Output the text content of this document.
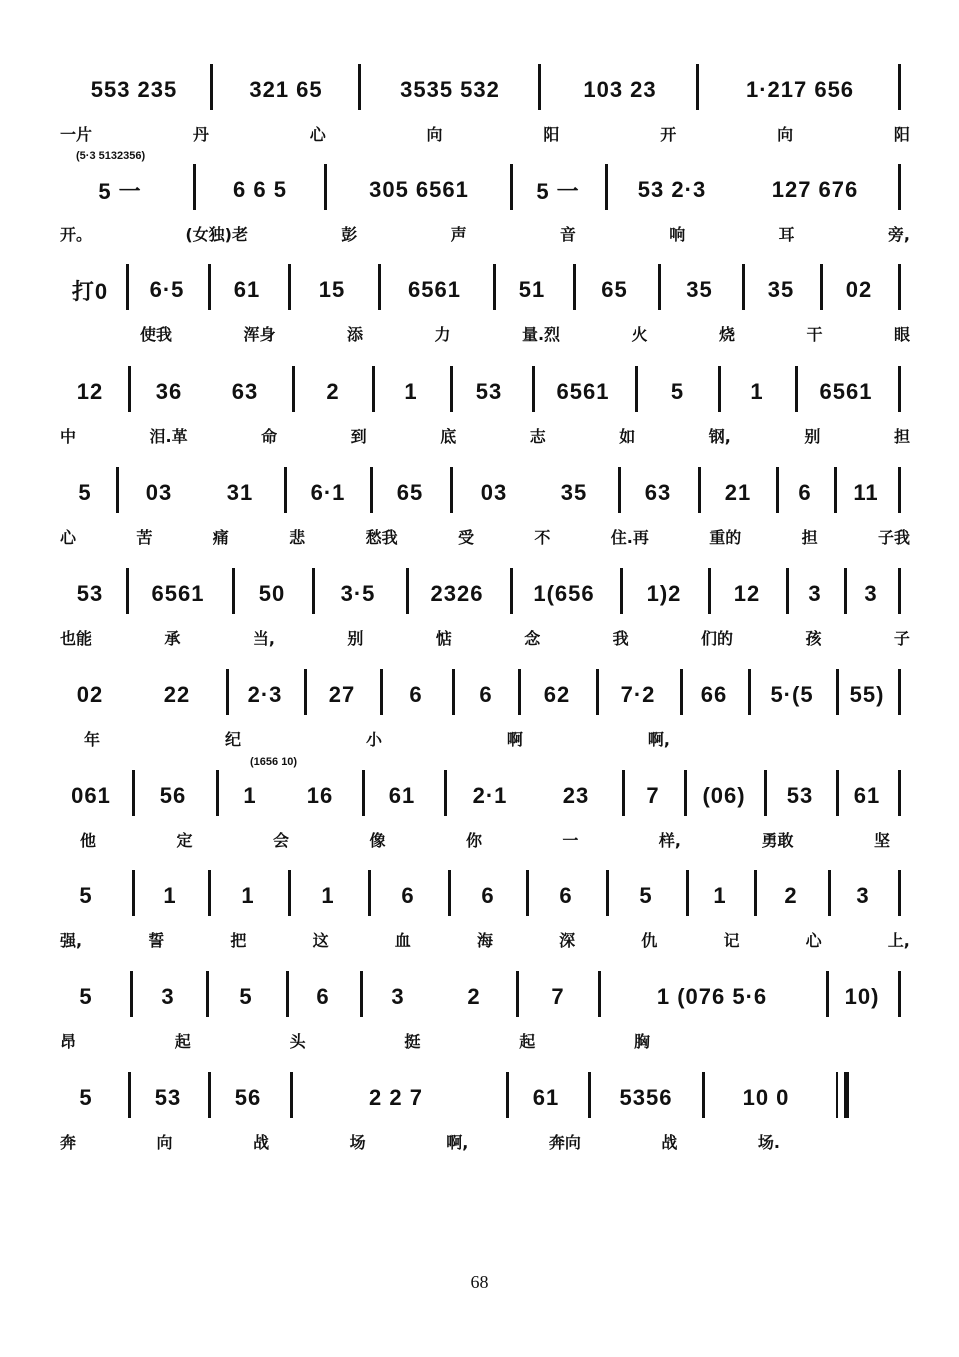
553 235	321 65	3535 532	103 23	1·217 656
一片	丹	心	向	阳	开	向	阳
(5·3 5132356)
5 一	6 6 5	305 6561	5 一	53 2·3	127 676
开。	(女独)老	彭	声	音	响	耳	旁,
打0	6·5	61	15	6561	51	65	35	35	02
使我	浑身	添	力	量.烈	火	烧	干	眼
12	36	63	2	1	53	6561	5	1	6561
中	泪.革	命	到	底	志	如	钢,	别	担
5	03	31	6·1	65	03	35	63	21	6	11
心	苦	痛	悲	愁我	受	不	住.再	重的	担	子我
53	6561	50	3·5	2326	1(656	1)2	12	3	3
也能	承	当,	别	惦	念	我	们的	孩	子
02	22	2·3	27	6	6	62	7·2	66	5·(5	55)
年	纪	小	啊	啊,
(1656 10)
061	56	1	16	61	2·1	23	7	(06)	53	61
他	定	会	像	你	一	样,	勇敢	坚
5	1	1	1	6	6	6	5	1	2	3
强,	誓	把	这	血	海	深	仇	记	心	上,
5	3	5	6	3	2	7	1 (076 5·6	10)
昂	起	头	挺	起	胸
5	53	56	2 2 7	61	5356	10 0
奔	向	战	场	啊,	奔向	战	场.
68
